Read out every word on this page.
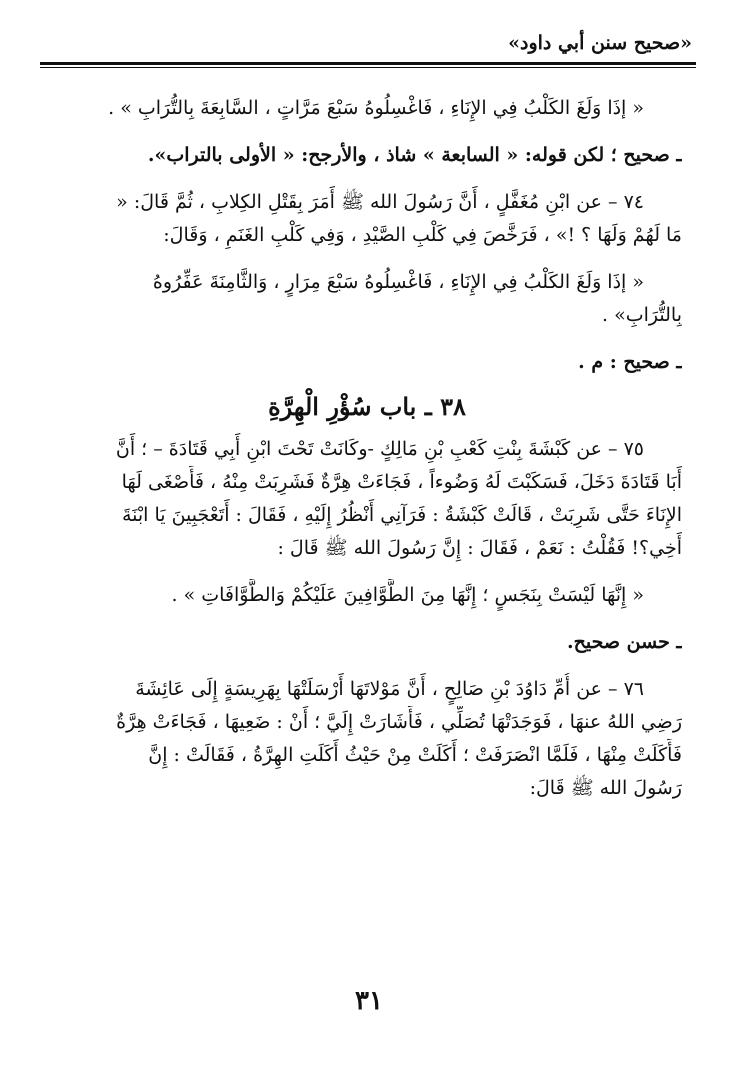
«صحيح سنن أبي داود»
« إذَا وَلَغَ الكَلْبُ فِي الإِنَاءِ ، فَاغْسِلُوهُ سَبْعَ مَرَّاتٍ ، السَّابِعَةَ بِالتُّرَابِ » .
ـ صحيح ؛ لكن قوله: « السابعة » شاذ ، والأرجح: « الأولى بالتراب».
٧٤ – عن ابْنِ مُغَفَّلٍ ، أَنَّ رَسُولَ الله ﷺ أَمَرَ بِقَتْلِ الكِلابِ ، ثُمَّ قَالَ: «
مَا لَهُمْ وَلَهَا ؟ !» ، فَرَخَّصَ فِي كَلْبِ الصَّيْدِ ، وَفِي كَلْبِ الغَنَمِ ، وَقَالَ:
« إذَا وَلَغَ الكَلْبُ فِي الإِنَاءِ ، فَاغْسِلُوهُ سَبْعَ مِرَارٍ ، وَالثَّامِنَةَ عَفِّرُوهُ
بِالتُّرَابِ» .
ـ صحيح : م .
٣٨ ـ باب سُؤْرِ الْهِرَّةِ
٧٥ – عن كَبْشَةَ بِنْتِ كَعْبِ بْنِ مَالِكٍ -وكَانَتْ تَحْتَ ابْنِ أَبِي قَتَادَةَ – ؛ أَنَّ
أَبَا قَتَادَةَ دَخَلَ، فَسَكَبْتَ لَهُ وَضُوءاً ، فَجَاءَتْ هِرَّةٌ فَشَرِبَتْ مِنْهُ ، فَأَصْغَى لَهَا
الإِنَاءَ حَتَّى شَرِبَتْ ، قَالَتْ كَبْشَةُ : فَرَآنِي أَنْظُرُ إِلَيْهِ ، فَقَالَ : أَتَعْجَبِينَ يَا ابْنَةَ
أَخِي؟! فَقُلْتُ : نَعَمْ ، فَقَالَ : إِنَّ رَسُولَ الله ﷺ قَالَ :
« إِنَّهَا لَيْسَتْ بِنَجَسٍ ؛ إِنَّهَا مِنَ الطَّوَّافِينَ عَلَيْكُمْ وَالطَّوَّافَاتِ » .
ـ حسن صحيح.
٧٦ – عن أُمِّ دَاوُدَ بْنِ صَالِحٍ ، أَنَّ مَوْلاتَهَا أَرْسَلَتْهَا بِهَرِيسَةٍ إِلَى عَائِشَةَ
رَضِي اللهُ عنهَا ، فَوَجَدَتْهَا تُصَلِّي ، فَأَشَارَتْ إِلَيَّ ؛ أَنْ : ضَعِيهَا ، فَجَاءَتْ هِرَّةٌ
فَأَكَلَتْ مِنْهَا ، فَلَمَّا انْصَرَفَتْ ؛ أَكَلَتْ مِنْ حَيْثُ أَكَلَتِ الهِرَّةُ ، فَقَالَتْ : إِنَّ
رَسُولَ الله ﷺ قَالَ:
٣١
